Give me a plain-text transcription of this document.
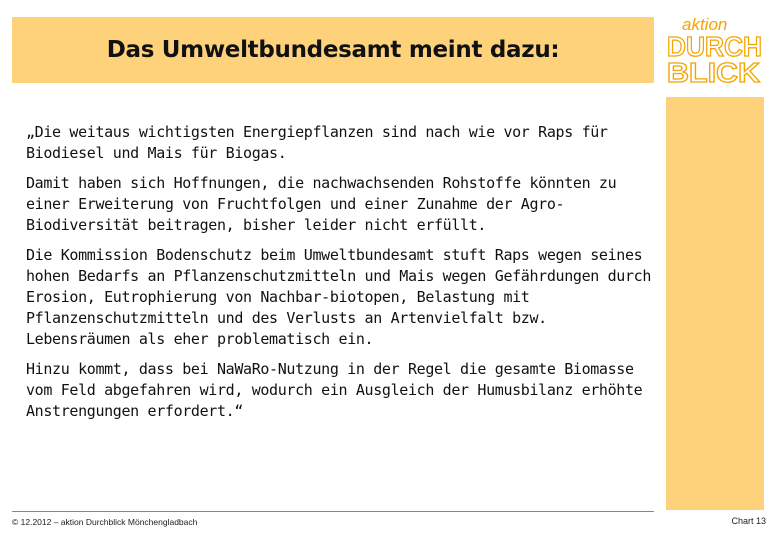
Das Umweltbundesamt meint dazu:
aktion
DURCH
BLICK

„Die weitaus wichtigsten Energiepflanzen sind nach wie vor Raps für Biodiesel und Mais für Biogas.

Damit haben sich Hoffnungen, die nachwachsenden Rohstoffe könnten zu einer Erweiterung von Fruchtfolgen und einer Zunahme der Agro-Biodiversität beitragen, bisher leider nicht erfüllt.

Die Kommission Bodenschutz beim Umweltbundesamt stuft Raps wegen seines hohen Bedarfs an Pflanzenschutzmitteln und Mais wegen Gefährdungen durch Erosion, Eutrophierung von Nachbar-biotopen, Belastung mit Pflanzenschutzmitteln und des Verlusts an Artenvielfalt bzw. Lebensräumen als eher problematisch ein.

Hinzu kommt, dass bei NaWaRo-Nutzung in der Regel die gesamte Biomasse vom Feld abgefahren wird, wodurch ein Ausgleich der Humusbilanz erhöhte Anstrengungen erfordert.“

© 12.2012 – aktion Durchblick Mönchengladbach	Chart 13
